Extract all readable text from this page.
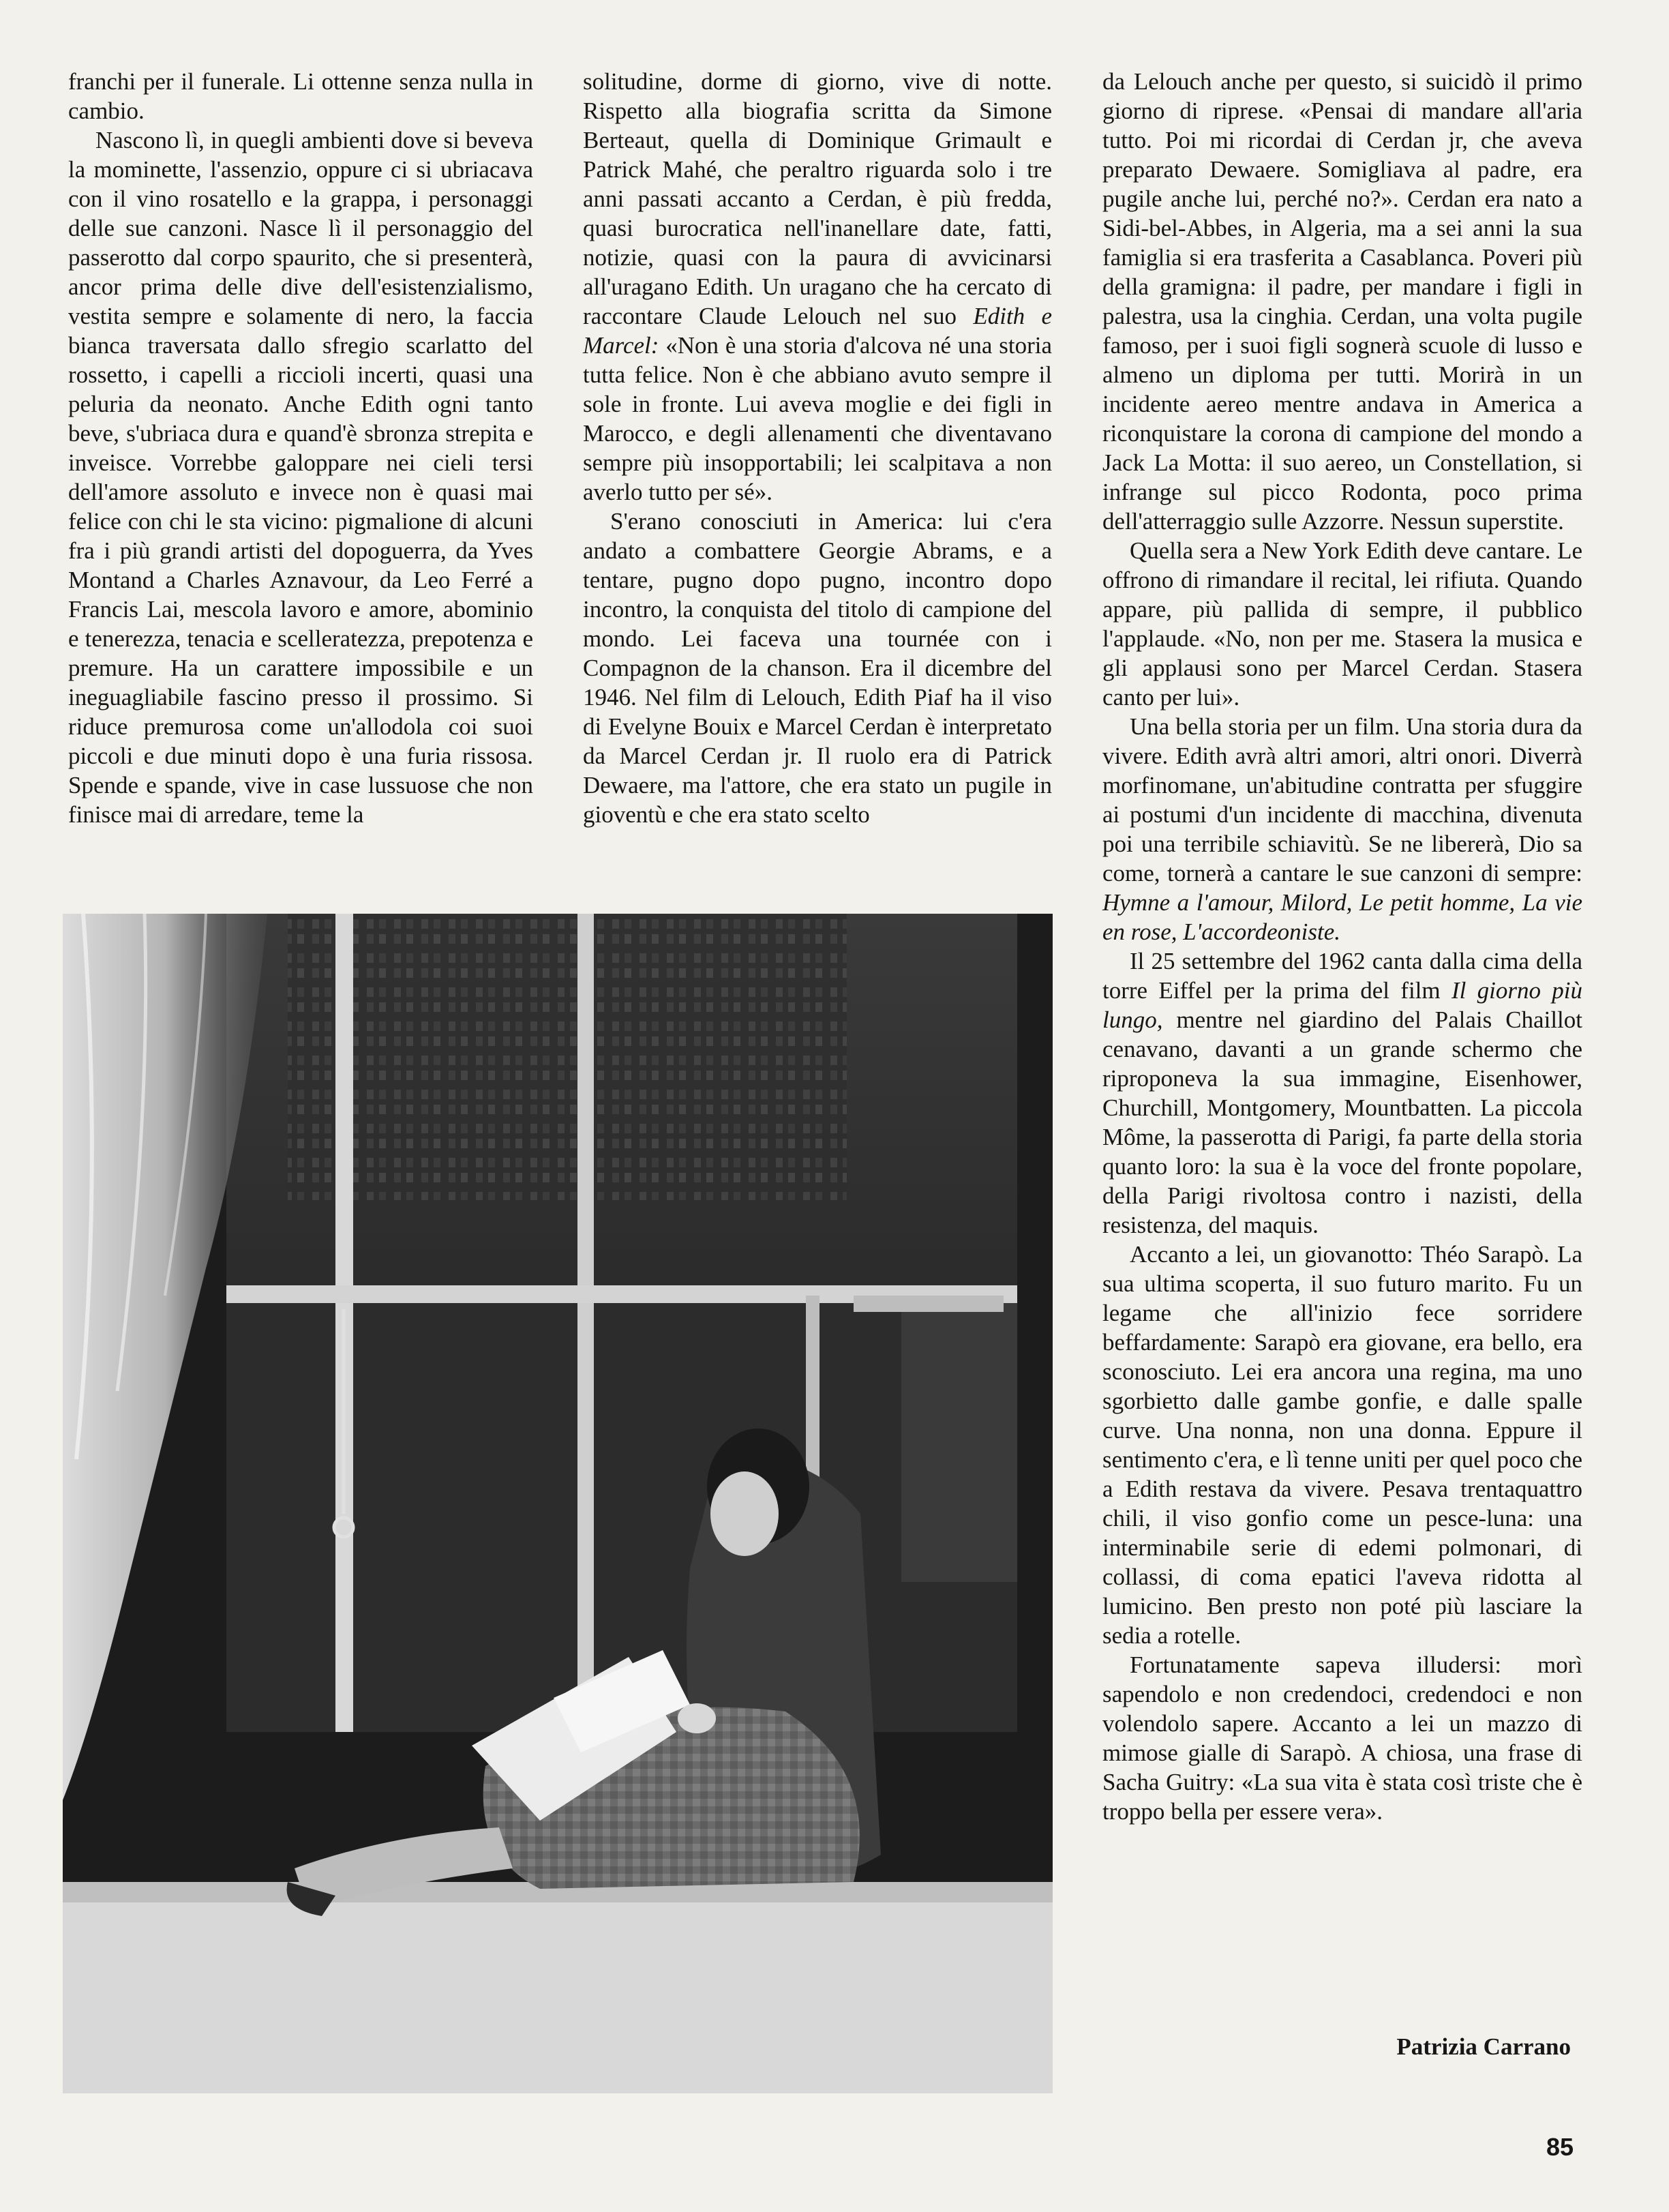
franchi per il funerale. Li ottenne senza nulla in cambio.

Nascono lì, in quegli ambienti dove si beveva la mominette, l'assenzio, oppure ci si ubriacava con il vino rosatello e la grappa, i personaggi delle sue canzoni. Nasce lì il personaggio del passerotto dal corpo spaurito, che si presenterà, ancor prima delle dive dell'esistenzialismo, vestita sempre e solamente di nero, la faccia bianca traversata dallo sfregio scarlatto del rossetto, i capelli a riccioli incerti, quasi una peluria da neonato. Anche Edith ogni tanto beve, s'ubriaca dura e quand'è sbronza strepita e inveisce. Vorrebbe galoppare nei cieli tersi dell'amore assoluto e invece non è quasi mai felice con chi le sta vicino: pigmalione di alcuni fra i più grandi artisti del dopoguerra, da Yves Montand a Charles Aznavour, da Leo Ferré a Francis Lai, mescola lavoro e amore, abominio e tenerezza, tenacia e scelleratezza, prepotenza e premure. Ha un carattere impossibile e un ineguagliabile fascino presso il prossimo. Si riduce premurosa come un'allodola coi suoi piccoli e due minuti dopo è una furia rissosa. Spende e spande, vive in case lussuose che non finisce mai di arredare, teme la

solitudine, dorme di giorno, vive di notte. Rispetto alla biografia scritta da Simone Berteaut, quella di Dominique Grimault e Patrick Mahé, che peraltro riguarda solo i tre anni passati accanto a Cerdan, è più fredda, quasi burocratica nell'inanellare date, fatti, notizie, quasi con la paura di avvicinarsi all'uragano Edith. Un uragano che ha cercato di raccontare Claude Lelouch nel suo Edith e Marcel: «Non è una storia d'alcova né una storia tutta felice. Non è che abbiano avuto sempre il sole in fronte. Lui aveva moglie e dei figli in Marocco, e degli allenamenti che diventavano sempre più insopportabili; lei scalpitava a non averlo tutto per sé».

S'erano conosciuti in America: lui c'era andato a combattere Georgie Abrams, e a tentare, pugno dopo pugno, incontro dopo incontro, la conquista del titolo di campione del mondo. Lei faceva una tournée con i Compagnon de la chanson. Era il dicembre del 1946. Nel film di Lelouch, Edith Piaf ha il viso di Evelyne Bouix e Marcel Cerdan è interpretato da Marcel Cerdan jr. Il ruolo era di Patrick Dewaere, ma l'attore, che era stato un pugile in gioventù e che era stato scelto

da Lelouch anche per questo, si suicidò il primo giorno di riprese. «Pensai di mandare all'aria tutto. Poi mi ricordai di Cerdan jr, che aveva preparato Dewaere. Somigliava al padre, era pugile anche lui, perché no?». Cerdan era nato a Sidi-bel-Abbes, in Algeria, ma a sei anni la sua famiglia si era trasferita a Casablanca. Poveri più della gramigna: il padre, per mandare i figli in palestra, usa la cinghia. Cerdan, una volta pugile famoso, per i suoi figli sognerà scuole di lusso e almeno un diploma per tutti. Morirà in un incidente aereo mentre andava in America a riconquistare la corona di campione del mondo a Jack La Motta: il suo aereo, un Constellation, si infrange sul picco Rodonta, poco prima dell'atterraggio sulle Azzorre. Nessun superstite.

Quella sera a New York Edith deve cantare. Le offrono di rimandare il recital, lei rifiuta. Quando appare, più pallida di sempre, il pubblico l'applaude. «No, non per me. Stasera la musica e gli applausi sono per Marcel Cerdan. Stasera canto per lui».

Una bella storia per un film. Una storia dura da vivere. Edith avrà altri amori, altri onori. Diverrà morfinomane, un'abitudine contratta per sfuggire ai postumi d'un incidente di macchina, divenuta poi una terribile schiavitù. Se ne libererà, Dio sa come, tornerà a cantare le sue canzoni di sempre: Hymne a l'amour, Milord, Le petit homme, La vie en rose, L'accordeoniste.

Il 25 settembre del 1962 canta dalla cima della torre Eiffel per la prima del film Il giorno più lungo, mentre nel giardino del Palais Chaillot cenavano, davanti a un grande schermo che riproponeva la sua immagine, Eisenhower, Churchill, Montgomery, Mountbatten. La piccola Môme, la passerotta di Parigi, fa parte della storia quanto loro: la sua è la voce del fronte popolare, della Parigi rivoltosa contro i nazisti, della resistenza, del maquis.

Accanto a lei, un giovanotto: Théo Sarapò. La sua ultima scoperta, il suo futuro marito. Fu un legame che all'inizio fece sorridere beffardamente: Sarapò era giovane, era bello, era sconosciuto. Lei era ancora una regina, ma uno sgorbietto dalle gambe gonfie, e dalle spalle curve. Una nonna, non una donna. Eppure il sentimento c'era, e lì tenne uniti per quel poco che a Edith restava da vivere. Pesava trentaquattro chili, il viso gonfio come un pesce-luna: una interminabile serie di edemi polmonari, di collassi, di coma epatici l'aveva ridotta al lumicino. Ben presto non poté più lasciare la sedia a rotelle.

Fortunatamente sapeva illudersi: morì sapendolo e non credendoci, credendoci e non volendolo sapere. Accanto a lei un mazzo di mimose gialle di Sarapò. A chiosa, una frase di Sacha Guitry: «La sua vita è stata così triste che è troppo bella per essere vera».

Patrizia Carrano
85
